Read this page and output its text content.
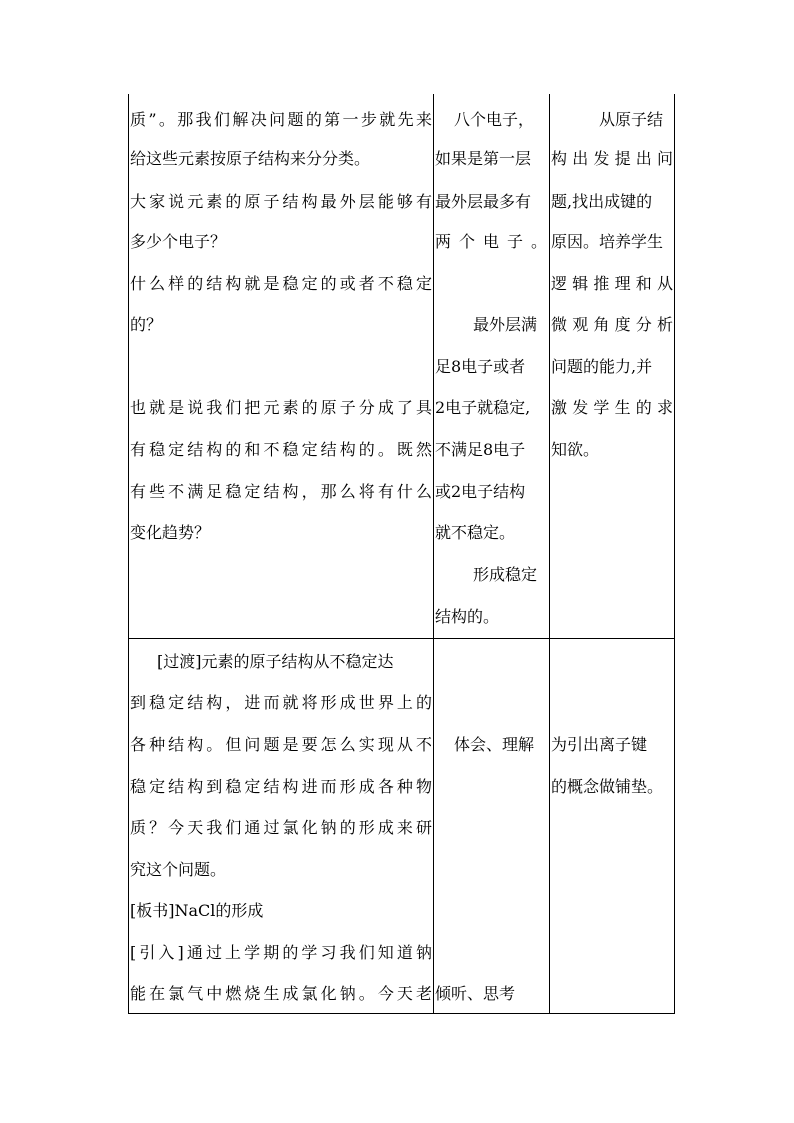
质”。那我们解决问题的第一步就先来
给这些元素按原子结构来分分类。
大家说元素的原子结构最外层能够有
多少个电子？
什么样的结构就是稳定的或者不稳定
的？
也就是说我们把元素的原子分成了具
有稳定结构的和不稳定结构的。既然
有些不满足稳定结构，那么将有什么
变化趋势？
八个电子，
如果是第一层
最外层最多有
两个电子。
最外层满
足8电子或者
2电子就稳定,
不满足8电子
或2电子结构
就不稳定。
形成稳定
结构的。
从原子结
构出发提出问
题,找出成键的
原因。培养学生
逻辑推理和从
微观角度分析
问题的能力,并
激发学生的求
知欲。
[过渡]元素的原子结构从不稳定达
到稳定结构，进而就将形成世界上的
各种结构。但问题是要怎么实现从不
稳定结构到稳定结构进而形成各种物
质？今天我们通过氯化钠的形成来研
究这个问题。
[板书]NaCl的形成
[引入]通过上学期的学习我们知道钠
能在氯气中燃烧生成氯化钠。今天老
体会、理解
倾听、思考
为引出离子键
的概念做铺垫。
